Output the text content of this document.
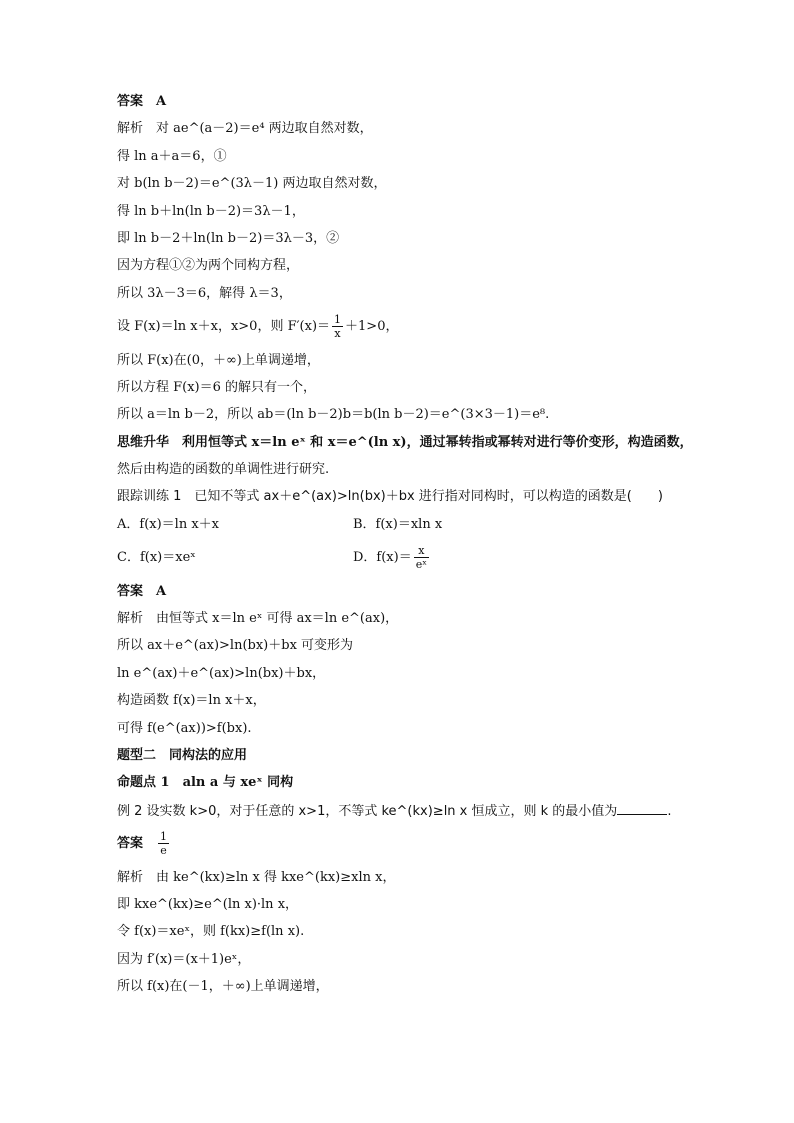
答案　A
解析　对 ae^(a－2)＝e⁴ 两边取自然对数，
得 ln a＋a＝6，①
对 b(ln b－2)＝e^(3λ－1) 两边取自然对数，
得 ln b＋ln(ln b－2)＝3λ－1，
即 ln b－2＋ln(ln b－2)＝3λ－3，②
因为方程①②为两个同构方程，
所以 3λ－3＝6，解得 λ＝3，
设 F(x)＝ln x＋x，x>0，则 $F'(x)= \frac{1}{x} +1>0$，
所以 F(x)在(0，＋∞)上单调递增，
所以方程 F(x)＝6 的解只有一个，
所以 a＝ln b－2，所以 ab＝(ln b－2)b＝b(ln b－2)＝e^(3×3－1)＝e⁸.
思维升华　利用恒等式 x＝ln eˣ 和 x＝e^(ln x)，通过幂转指或幂转对进行等价变形，构造函数，
然后由构造的函数的单调性进行研究.
跟踪训练 1　已知不等式 ax＋e^(ax)>ln(bx)＋bx 进行指对同构时，可以构造的函数是(　　)
A．f(x)＝ln x＋x	B．f(x)＝xln x
C．f(x)＝xeˣ	D．$f(x)= \frac{x}{\text{eˣ}}$
答案　A
解析　由恒等式 x＝ln eˣ 可得 ax＝ln e^(ax)，
所以 ax＋e^(ax)>ln(bx)＋bx 可变形为
ln e^(ax)＋e^(ax)>ln(bx)＋bx，
构造函数 f(x)＝ln x＋x，
可得 f(e^(ax))>f(bx).
题型二　同构法的应用
命题点 1　aln a 与 xeˣ 同构
例 2 设实数 k>0，对于任意的 x>1，不等式 ke^(kx)≥ln x 恒成立，则 k 的最小值为	.
答案　 $\frac{1}{e}$
解析　由 ke^(kx)≥ln x 得 kxe^(kx)≥xln x，
即 kxe^(kx)≥e^(ln x)·ln x，
令 f(x)＝xeˣ，则 f(kx)≥f(ln x).
因为 f′(x)＝(x＋1)eˣ，
所以 f(x)在(－1，＋∞)上单调递增，
